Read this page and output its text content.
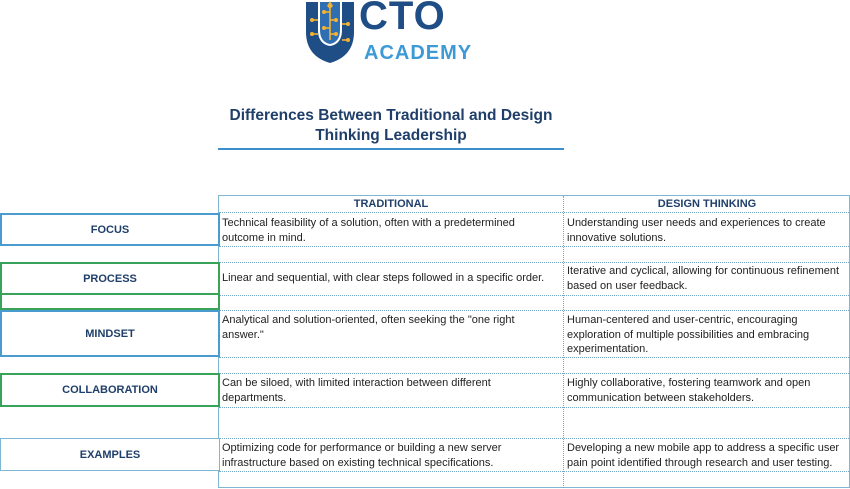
CTO
ACADEMY
Differences Between Traditional and Design Thinking Leadership
TRADITIONAL	DESIGN THINKING
FOCUS
PROCESS
MINDSET
COLLABORATION
EXAMPLES
Technical feasibility of a solution, often with a predetermined outcome in mind.
Understanding user needs and experiences to create innovative solutions.
Linear and sequential, with clear steps followed in a specific order.
Iterative and cyclical, allowing for continuous refinement based on user feedback.
Analytical and solution-oriented, often seeking the "one right answer."
Human-centered and user-centric, encouraging exploration of multiple possibilities and embracing experimentation.
Can be siloed, with limited interaction between different departments.
Highly collaborative, fostering teamwork and open communication between stakeholders.
Optimizing code for performance or building a new server infrastructure based on existing technical specifications.
Developing a new mobile app to address a specific user pain point identified through research and user testing.
